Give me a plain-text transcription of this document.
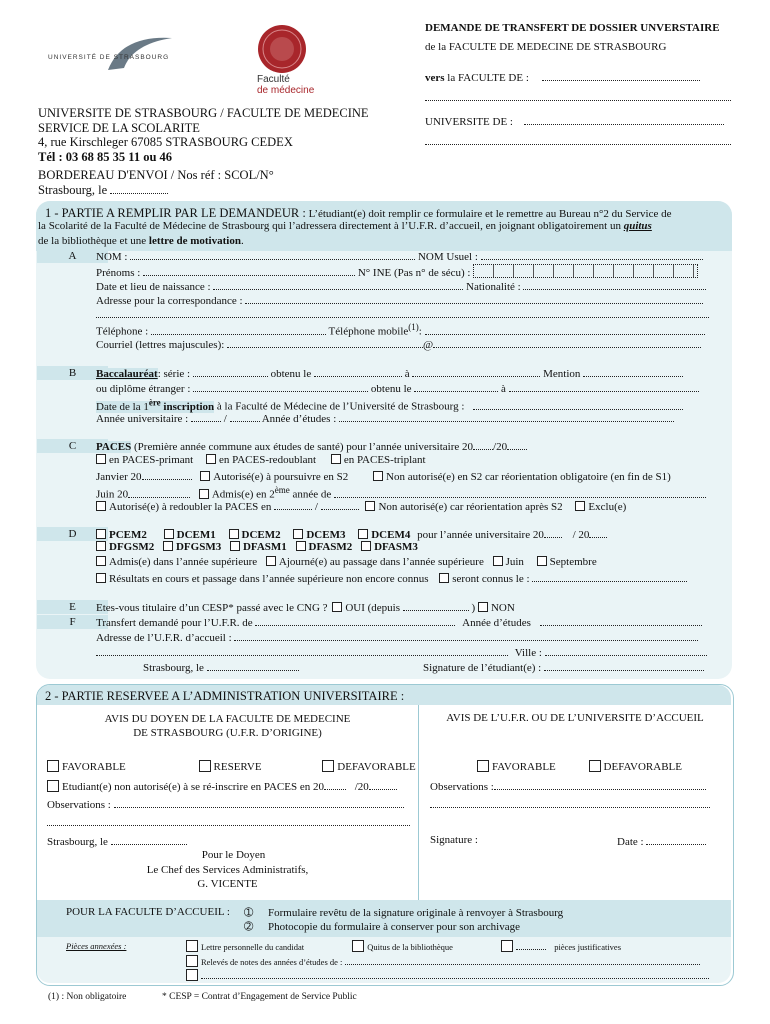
UNIVERSITÉ DE STRASBOURG
Faculté
de médecine
DEMANDE DE TRANSFERT DE DOSSIER UNVERSTAIRE
de la FACULTE DE MEDECINE DE STRASBOURG
vers la FACULTE DE :
UNIVERSITE DE :
UNIVERSITE DE STRASBOURG / FACULTE DE MEDECINE
SERVICE DE LA SCOLARITE
4, rue Kirschleger 67085 STRASBOURG CEDEX
Tél : 03 68 85 35 11 ou 46
BORDEREAU D'ENVOI / Nos réf : SCOL/N°
Strasbourg, le
1 - PARTIE A REMPLIR PAR LE DEMANDEUR : L’étudiant(e) doit remplir ce formulaire et le remettre au Bureau n°2 du Service de
la Scolarité de la Faculté de Médecine de Strasbourg qui l’adressera directement à l’U.F.R. d’accueil, en joignant obligatoirement un quitus
de la bibliothèque et une lettre de motivation.
A	NOM :	NOM Usuel :
Prénoms :	N° INE (Pas n° de sécu) :
Date et lieu de naissance :	Nationalité :
Adresse pour la correspondance :
Téléphone :	Téléphone mobile$^{(1)}$:
Courriel (lettres majuscules):	@
B	Baccalauréat: série :	obtenu le	à	Mention
ou diplôme étranger :	obtenu le	à
Date de la 1ère inscription à la Faculté de Médecine de l’Université de Strasbourg :
Année universitaire :	/	Année d’études :
C	PACES (Première année commune aux études de santé) pour l’année universitaire 20 /20
en PACES-primant en PACES-redoublant	en PACES-triplant
Janvier 20	Autorisé(e) à poursuivre en S2	Non autorisé(e) en S2 car réorientation obligatoire (en fin de S1)
Juin 20	Admis(e) en 2ème année de
Autorisé(e) à redoubler la PACES en	/	Non autorisé(e) car réorientation après S2 Exclu(e)
D	PCEM2	DCEM1 DCEM2 DCEM3 DCEM4 pour l’année universitaire 20	/ 20
DFGSM2 DFGSM3 DFASM1 DFASM2 DFASM3
Admis(e) dans l’année supérieure Ajourné(e) au passage dans l’année supérieure Juin Septembre
Résultats en cours et passage dans l’année supérieure non encore connus seront connus le :
E	Etes-vous titulaire d’un CESP* passé avec le CNG ? OUI (depuis	) NON
F	Transfert demandé pour l’U.F.R. de	Année d’études
Adresse de l’U.F.R. d’accueil :
Ville :
Strasbourg, le	Signature de l’étudiant(e) :
2 - PARTIE RESERVEE A L’ADMINISTRATION UNIVERSITAIRE :
AVIS DU DOYEN DE LA FACULTE DE MEDECINE
DE STRASBOURG (U.F.R. D’ORIGINE)
AVIS DE L’U.F.R. OU DE L’UNIVERSITE D’ACCUEIL
FAVORABLE	RESERVE	DEFAVORABLE	FAVORABLE	DEFAVORABLE
Etudiant(e) non autorisé(e) à se ré-inscrire en PACES en 20	/20	Observations :
Observations :
Strasbourg, le	Signature :	Date :
Pour le Doyen
Le Chef des Services Administratifs,
G. VICENTE
POUR LA FACULTE D’ACCUEIL : ➀ Formulaire revêtu de la signature originale à renvoyer à Strasbourg
➁ Photocopie du formulaire à conserver pour son archivage
Pièces annexées :	Lettre personnelle du candidat	Quitus de la bibliothèque	pièces justificatives
Relevés de notes des années d’études de :
(1) : Non obligatoire	* CESP = Contrat d’Engagement de Service Public
